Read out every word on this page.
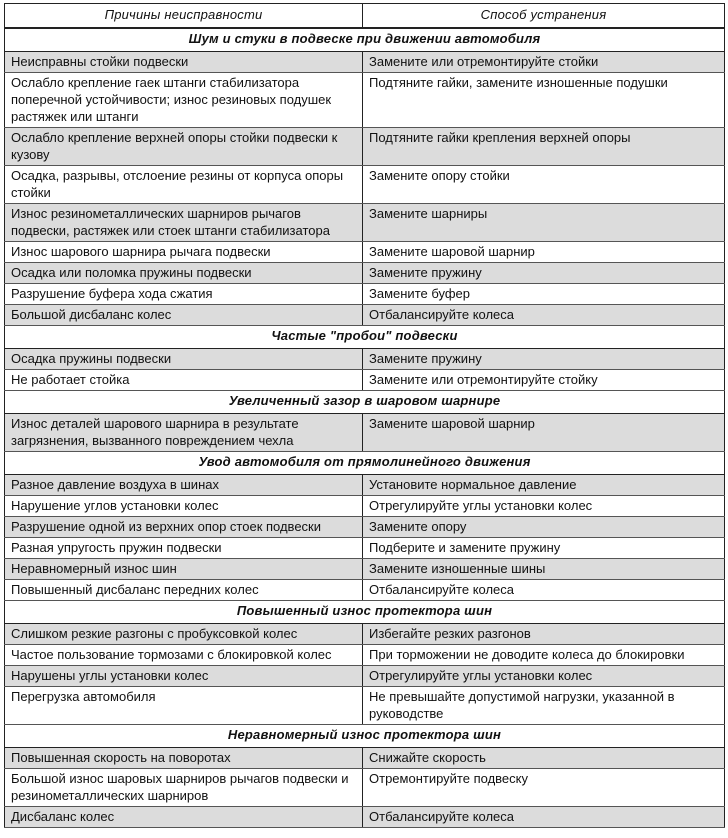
Причины неисправности	Способ устранения
Шум и стуки в подвеске при движении автомобиля	
Неисправны стойки подвески	Замените или отремонтируйте стойки
Ослабло крепление гаек штанги стабилизатора поперечной устойчивости; износ резиновых подушек растяжек или штанги	Подтяните гайки, замените изношенные подушки
Ослабло крепление верхней опоры стойки подвески к кузову	Подтяните гайки крепления верхней опоры
Осадка, разрывы, отслоение резины от корпуса опоры стойки	Замените опору стойки
Износ резинометаллических шарниров рычагов подвески, растяжек или стоек штанги стабилизатора	Замените шарниры
Износ шарового шарнира рычага подвески	Замените шаровой шарнир
Осадка или поломка пружины подвески	Замените пружину
Разрушение буфера хода сжатия	Замените буфер
Большой дисбаланс колес	Отбалансируйте колеса
Частые "пробои" подвески	
Осадка пружины подвески	Замените пружину
Не работает стойка	Замените или отремонтируйте стойку
Увеличенный зазор в шаровом шарнире	
Износ деталей шарового шарнира в результате загрязнения, вызванного повреждением чехла	Замените шаровой шарнир
Увод автомобиля от прямолинейного движения	
Разное давление воздуха в шинах	Установите нормальное давление
Нарушение углов установки колес	Отрегулируйте углы установки колес
Разрушение одной из верхних опор стоек подвески	Замените опору
Разная упругость пружин подвески	Подберите и замените пружину
Неравномерный износ шин	Замените изношенные шины
Повышенный дисбаланс передних колес	Отбалансируйте колеса
Повышенный износ протектора шин	
Слишком резкие разгоны с пробуксовкой колес	Избегайте резких разгонов
Частое пользование тормозами с блокировкой колес	При торможении не доводите колеса до блокировки
Нарушены углы установки колес	Отрегулируйте углы установки колес
Перегрузка автомобиля	Не превышайте допустимой нагрузки, указанной в руководстве
Неравномерный износ протектора шин	
Повышенная скорость на поворотах	Снижайте скорость
Большой износ шаровых шарниров рычагов подвески и резинометаллических шарниров	Отремонтируйте подвеску
Дисбаланс колес	Отбалансируйте колеса
